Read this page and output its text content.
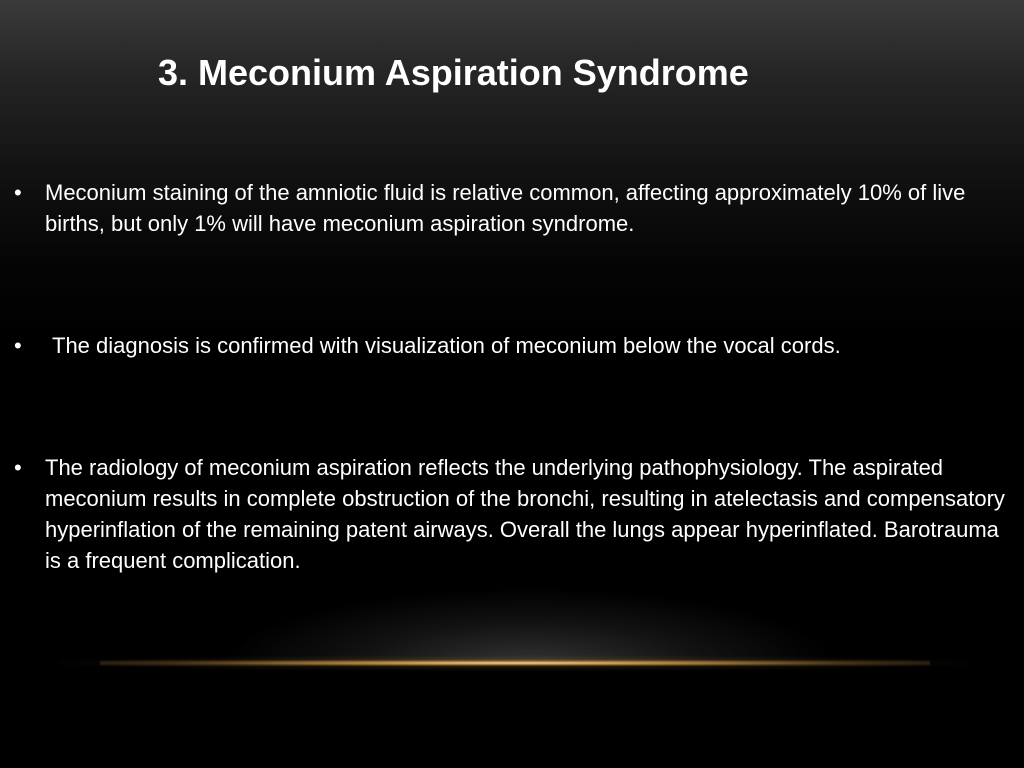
3. Meconium Aspiration Syndrome
•	Meconium staining of the amniotic fluid is relative common, affecting approximately 10% of live births, but only 1% will have meconium aspiration syndrome.
•	The diagnosis is confirmed with visualization of meconium below the vocal cords.
•	The radiology of meconium aspiration reflects the underlying pathophysiology. The aspirated meconium results in complete obstruction of the bronchi, resulting in atelectasis and compensatory hyperinflation of the remaining patent airways. Overall the lungs appear hyperinflated. Barotrauma is a frequent complication.
